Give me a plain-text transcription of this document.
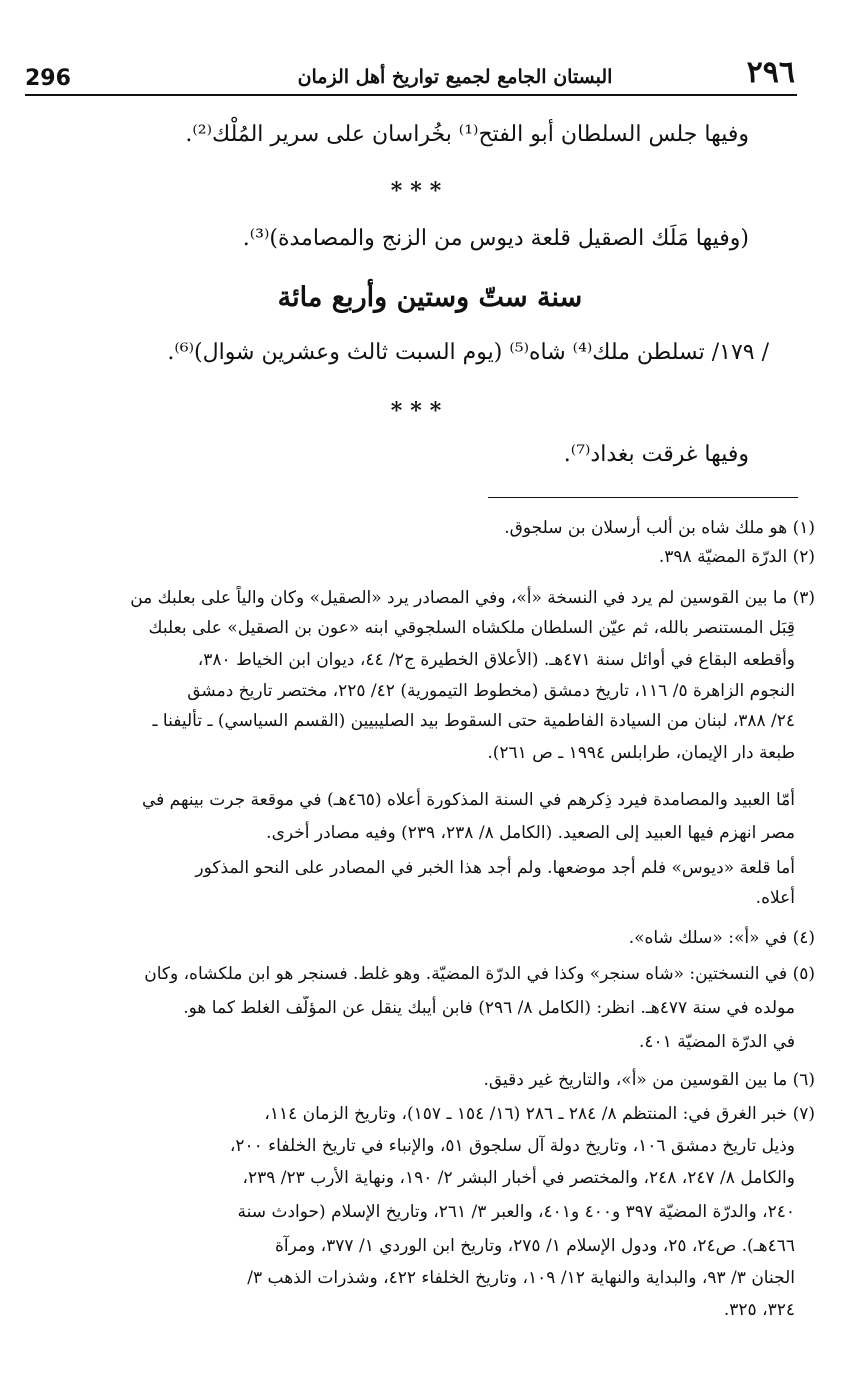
٢٩٦
البستان الجامع لجميع تواريخ أهل الزمان
296
وفيها جلس السلطان أبو الفتح⁽¹⁾ بخُراسان على سرير المُلْك⁽²⁾.
***
(وفيها مَلَك الصقيل قلعة ديوس من الزنج والمصامدة)⁽³⁾.
سنة ستّ وستين وأربع مائة
/ ١٧٩/ تسلطن ملك⁽⁴⁾ شاه⁽⁵⁾ (يوم السبت ثالث وعشرين شوال)⁽⁶⁾.
***
وفيها غرقت بغداد⁽⁷⁾.
(١) هو ملك شاه بن ألب أرسلان بن سلجوق.
(٢) الدرّة المضيّة ٣٩٨.
(٣) ما بين القوسين لم يرد في النسخة «أ»، وفي المصادر يرد «الصقيل» وكان والياً على بعلبك من
قِبَل المستنصر بالله، ثم عيّن السلطان ملكشاه السلجوقي ابنه «عون بن الصقيل» على بعلبك
وأقطعه البقاع في أوائل سنة ٤٧١هـ. (الأعلاق الخطيرة ج٢/ ٤٤، ديوان ابن الخياط ٣٨٠،
النجوم الزاهرة ٥/ ١١٦، تاريخ دمشق (مخطوط التيمورية) ٤٢/ ٢٢٥، مختصر تاريخ دمشق
٢٤/ ٣٨٨، لبنان من السيادة الفاطمية حتى السقوط بيد الصليبيين (القسم السياسي) ـ تأليفنا ـ
طبعة دار الإيمان، طرابلس ١٩٩٤ ـ ص ٢٦١).
أمّا العبيد والمصامدة فيرد ذِكرهم في السنة المذكورة أعلاه (٤٦٥هـ) في موقعة جرت بينهم في
مصر انهزم فيها العبيد إلى الصعيد. (الكامل ٨/ ٢٣٨، ٢٣٩) وفيه مصادر أخرى.
أما قلعة «ديوس» فلم أجد موضعها. ولم أجد هذا الخبر في المصادر على النحو المذكور
أعلاه.
(٤) في «أ»: «سلك شاه».
(٥) في النسختين: «شاه سنجر» وكذا في الدرّة المضيّة. وهو غلط. فسنجر هو ابن ملكشاه، وكان
مولده في سنة ٤٧٧هـ. انظر: (الكامل ٨/ ٢٩٦) فابن أيبك ينقل عن المؤلّف الغلط كما هو.
في الدرّة المضيّة ٤٠١.
(٦) ما بين القوسين من «أ»، والتاريخ غير دقيق.
(٧) خبر الغرق في: المنتظم ٨/ ٢٨٤ ـ ٢٨٦ (١٦/ ١٥٤ ـ ١٥٧)، وتاريخ الزمان ١١٤،
وذيل تاريخ دمشق ١٠٦، وتاريخ دولة آل سلجوق ٥١، والإنباء في تاريخ الخلفاء ٢٠٠،
والكامل ٨/ ٢٤٧، ٢٤٨، والمختصر في أخبار البشر ٢/ ١٩٠، ونهاية الأرب ٢٣/ ٢٣٩،
٢٤٠، والدرّة المضيّة ٣٩٧ و٤٠٠ و٤٠١، والعبر ٣/ ٢٦١، وتاريخ الإسلام (حوادث سنة
٤٦٦هـ). ص٢٤، ٢٥، ودول الإسلام ١/ ٢٧٥، وتاريخ ابن الوردي ١/ ٣٧٧، ومرآة
الجنان ٣/ ٩٣، والبداية والنهاية ١٢/ ١٠٩، وتاريخ الخلفاء ٤٢٢، وشذرات الذهب ٣/
٣٢٤، ٣٢٥.
